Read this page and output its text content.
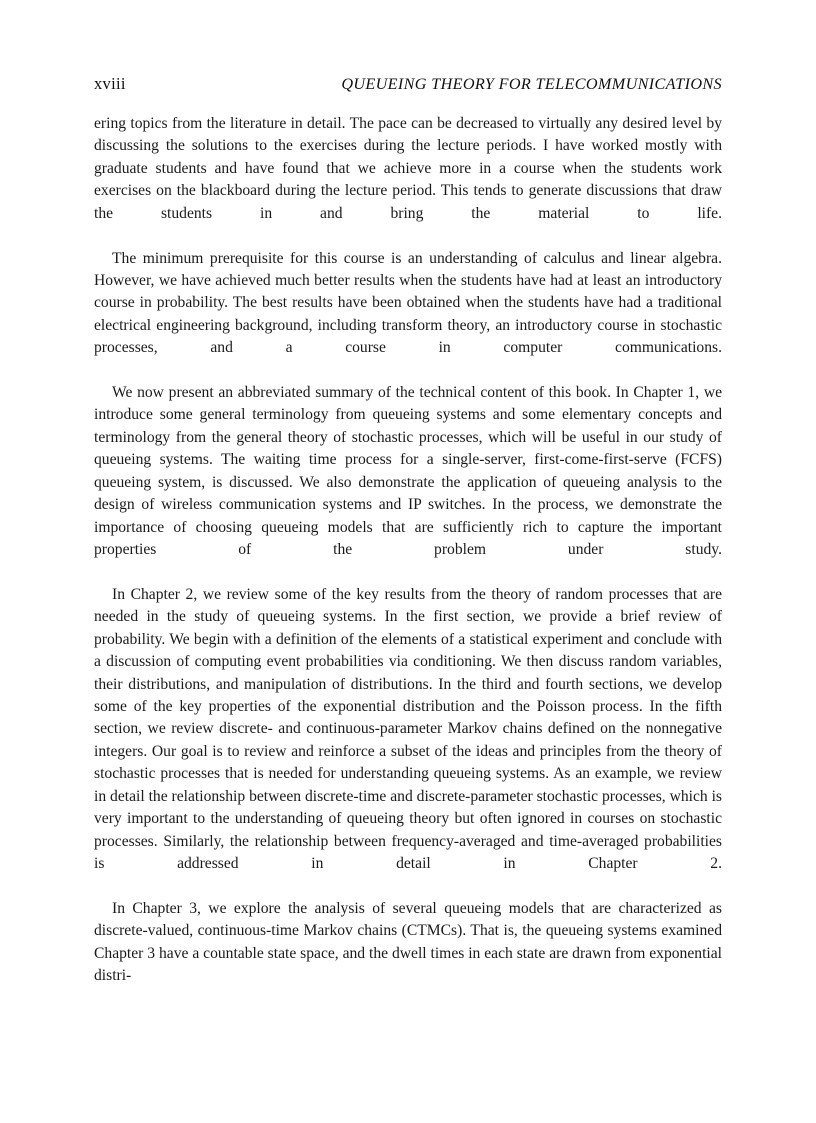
xviii	QUEUEING THEORY FOR TELECOMMUNICATIONS

ering topics from the literature in detail. The pace can be decreased to virtually any desired level by discussing the solutions to the exercises during the lecture periods. I have worked mostly with graduate students and have found that we achieve more in a course when the students work exercises on the blackboard during the lecture period. This tends to generate discussions that draw the students in and bring the material to life.

The minimum prerequisite for this course is an understanding of calculus and linear algebra. However, we have achieved much better results when the students have had at least an introductory course in probability. The best results have been obtained when the students have had a traditional electrical engineering background, including transform theory, an introductory course in stochastic processes, and a course in computer communications.

We now present an abbreviated summary of the technical content of this book. In Chapter 1, we introduce some general terminology from queueing systems and some elementary concepts and terminology from the general theory of stochastic processes, which will be useful in our study of queueing systems. The waiting time process for a single-server, first-come-first-serve (FCFS) queueing system, is discussed. We also demonstrate the application of queueing analysis to the design of wireless communication systems and IP switches. In the process, we demonstrate the importance of choosing queueing models that are sufficiently rich to capture the important properties of the problem under study.

In Chapter 2, we review some of the key results from the theory of random processes that are needed in the study of queueing systems. In the first section, we provide a brief review of probability. We begin with a definition of the elements of a statistical experiment and conclude with a discussion of computing event probabilities via conditioning. We then discuss random variables, their distributions, and manipulation of distributions. In the third and fourth sections, we develop some of the key properties of the exponential distribution and the Poisson process. In the fifth section, we review discrete- and continuous-parameter Markov chains defined on the nonnegative integers. Our goal is to review and reinforce a subset of the ideas and principles from the theory of stochastic processes that is needed for understanding queueing systems. As an example, we review in detail the relationship between discrete-time and discrete-parameter stochastic processes, which is very important to the understanding of queueing theory but often ignored in courses on stochastic processes. Similarly, the relationship between frequency-averaged and time-averaged probabilities is addressed in detail in Chapter 2.

In Chapter 3, we explore the analysis of several queueing models that are characterized as discrete-valued, continuous-time Markov chains (CTMCs). That is, the queueing systems examined Chapter 3 have a countable state space, and the dwell times in each state are drawn from exponential distri-
